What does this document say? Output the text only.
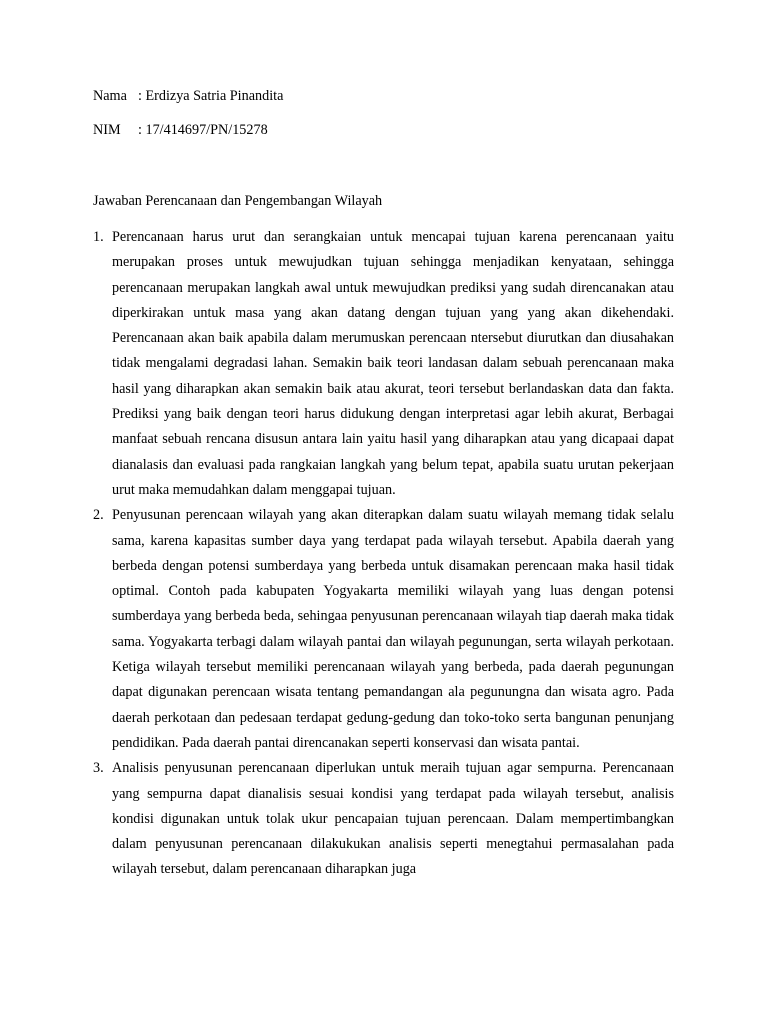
Nama : Erdizya Satria Pinandita
NIM : 17/414697/PN/15278
Jawaban Perencanaan dan Pengembangan Wilayah
1. Perencanaan harus urut dan serangkaian untuk mencapai tujuan karena perencanaan yaitu merupakan proses untuk mewujudkan tujuan sehingga menjadikan kenyataan, sehingga perencanaan merupakan langkah awal untuk mewujudkan prediksi yang sudah direncanakan atau diperkirakan untuk masa yang akan datang dengan tujuan yang yang akan dikehendaki. Perencanaan akan baik apabila dalam merumuskan perencaan ntersebut diurutkan dan diusahakan tidak mengalami degradasi lahan. Semakin baik teori landasan dalam sebuah perencanaan maka hasil yang diharapkan akan semakin baik atau akurat, teori tersebut berlandaskan data dan fakta. Prediksi yang baik dengan teori harus didukung dengan interpretasi agar lebih akurat, Berbagai manfaat sebuah rencana disusun antara lain yaitu hasil yang diharapkan atau yang dicapaai dapat dianalasis dan evaluasi pada rangkaian langkah yang belum tepat, apabila suatu urutan pekerjaan urut maka memudahkan dalam menggapai tujuan.
2. Penyusunan perencaan wilayah yang akan diterapkan dalam suatu wilayah memang tidak selalu sama, karena kapasitas sumber daya yang terdapat pada wilayah tersebut. Apabila daerah yang berbeda dengan potensi sumberdaya yang berbeda untuk disamakan perencaan maka hasil tidak optimal. Contoh pada kabupaten Yogyakarta memiliki wilayah yang luas dengan potensi sumberdaya yang berbeda beda, sehingaa penyusunan perencanaan wilayah tiap daerah maka tidak sama. Yogyakarta terbagi dalam wilayah pantai dan wilayah pegunungan, serta wilayah perkotaan. Ketiga wilayah tersebut memiliki perencanaan wilayah yang berbeda, pada daerah pegunungan dapat digunakan perencaan wisata tentang pemandangan ala pegunungna dan wisata agro. Pada daerah perkotaan dan pedesaan terdapat gedung-gedung dan toko-toko serta bangunan penunjang pendidikan. Pada daerah pantai direncanakan seperti konservasi dan wisata pantai.
3. Analisis penyusunan perencanaan diperlukan untuk meraih tujuan agar sempurna. Perencanaan yang sempurna dapat dianalisis sesuai kondisi yang terdapat pada wilayah tersebut, analisis kondisi digunakan untuk tolak ukur pencapaian tujuan perencaan. Dalam mempertimbangkan dalam penyusunan perencanaan dilakukukan analisis seperti menegtahui permasalahan pada wilayah tersebut, dalam perencanaan diharapkan juga
